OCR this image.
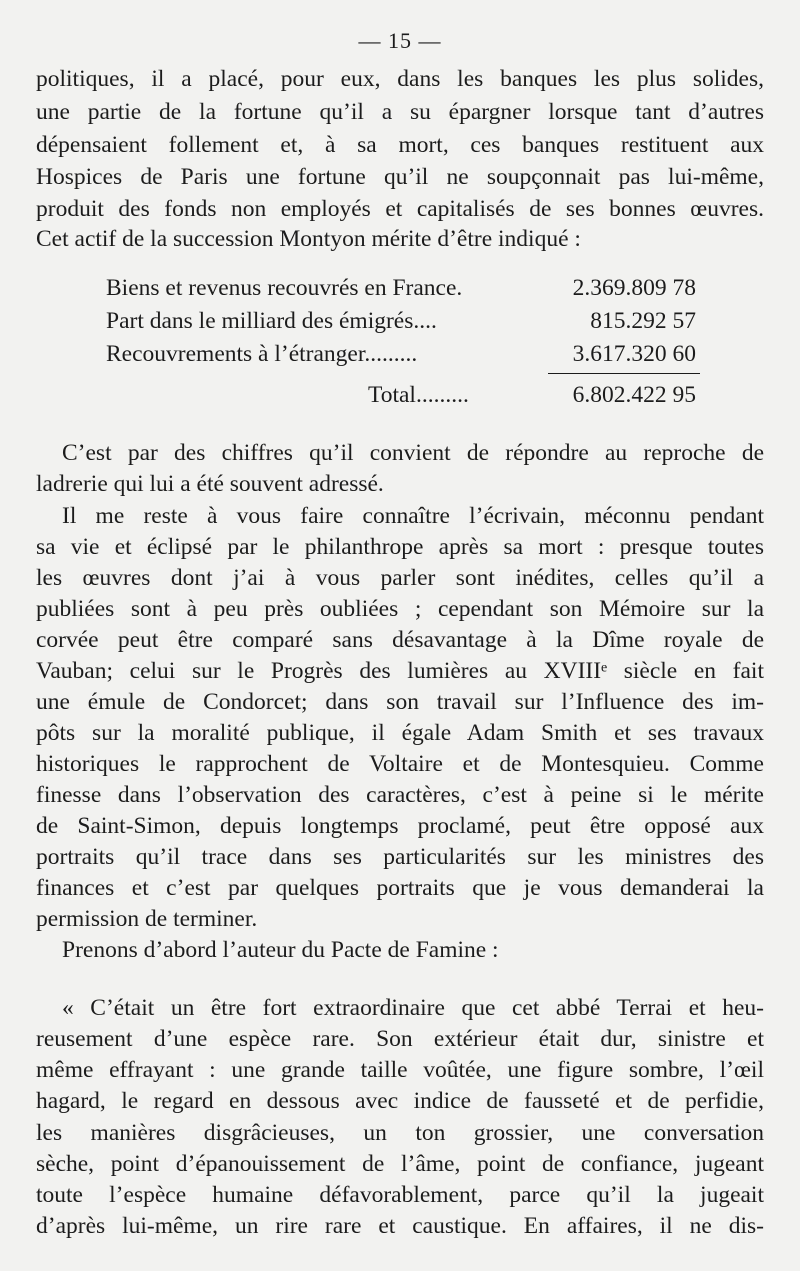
— 15 —
politiques, il a placé, pour eux, dans les banques les plus solides,
une partie de la fortune qu’il a su épargner lorsque tant d’autres
dépensaient follement et, à sa mort, ces banques restituent aux
Hospices de Paris une fortune qu’il ne soupçonnait pas lui-même,
produit des fonds non employés et capitalisés de ses bonnes œuvres.
Cet actif de la succession Montyon mérite d’être indiqué :
Biens et revenus recouvrés en France.	2.369.809 78
Part dans le milliard des émigrés....	815.292 57
Recouvrements à l’étranger.........	3.617.320 60
Total.........	6.802.422 95
C’est par des chiffres qu’il convient de répondre au reproche de
ladrerie qui lui a été souvent adressé.
Il me reste à vous faire connaître l’écrivain, méconnu pendant
sa vie et éclipsé par le philanthrope après sa mort : presque toutes
les œuvres dont j’ai à vous parler sont inédites, celles qu’il a
publiées sont à peu près oubliées ; cependant son Mémoire sur la
corvée peut être comparé sans désavantage à la Dîme royale de
Vauban; celui sur le Progrès des lumières au XVIIIᵉ siècle en fait
une émule de Condorcet; dans son travail sur l’Influence des im-
pôts sur la moralité publique, il égale Adam Smith et ses travaux
historiques le rapprochent de Voltaire et de Montesquieu. Comme
finesse dans l’observation des caractères, c’est à peine si le mérite
de Saint-Simon, depuis longtemps proclamé, peut être opposé aux
portraits qu’il trace dans ses particularités sur les ministres des
finances et c’est par quelques portraits que je vous demanderai la
permission de terminer.
Prenons d’abord l’auteur du Pacte de Famine :
« C’était un être fort extraordinaire que cet abbé Terrai et heu-
reusement d’une espèce rare. Son extérieur était dur, sinistre et
même effrayant : une grande taille voûtée, une figure sombre, l’œil
hagard, le regard en dessous avec indice de fausseté et de perfidie,
les manières disgrâcieuses, un ton grossier, une conversation
sèche, point d’épanouissement de l’âme, point de confiance, jugeant
toute l’espèce humaine défavorablement, parce qu’il la jugeait
d’après lui-même, un rire rare et caustique. En affaires, il ne dis-
